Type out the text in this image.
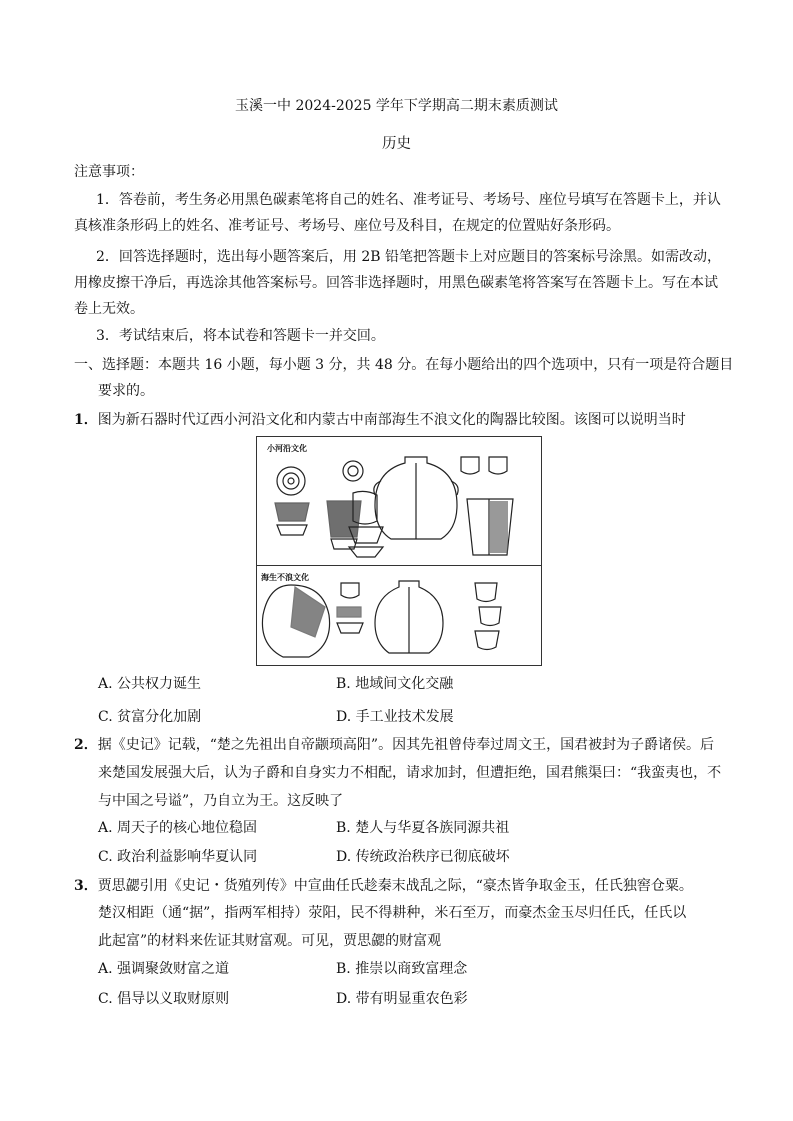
玉溪一中 2024-2025 学年下学期高二期末素质测试
历史
注意事项：
1．答卷前，考生务必用黑色碳素笔将自己的姓名、准考证号、考场号、座位号填写在答题卡上，并认
真核准条形码上的姓名、准考证号、考场号、座位号及科目，在规定的位置贴好条形码。
2．回答选择题时，选出每小题答案后，用 2B 铅笔把答题卡上对应题目的答案标号涂黑。如需改动，
用橡皮擦干净后，再选涂其他答案标号。回答非选择题时，用黑色碳素笔将答案写在答题卡上。写在本试
卷上无效。
3．考试结束后，将本试卷和答题卡一并交回。
一、选择题：本题共 16 小题，每小题 3 分，共 48 分。在每小题给出的四个选项中，只有一项是符合题目
要求的。
1．图为新石器时代辽西小河沿文化和内蒙古中南部海生不浪文化的陶器比较图。该图可以说明当时
小河沿文化
海生不浪文化
A. 公共权力诞生	B. 地域间文化交融
C. 贫富分化加剧	D. 手工业技术发展
2．据《史记》记载，“楚之先祖出自帝颛顼高阳”。因其先祖曾侍奉过周文王，国君被封为子爵诸侯。后
来楚国发展强大后，认为子爵和自身实力不相配，请求加封，但遭拒绝，国君熊渠曰：“我蛮夷也，不
与中国之号谥”，乃自立为王。这反映了
A. 周天子的核心地位稳固	B. 楚人与华夏各族同源共祖
C. 政治利益影响华夏认同	D. 传统政治秩序已彻底破坏
3．贾思勰引用《史记・货殖列传》中宣曲任氏趁秦末战乱之际，“豪杰皆争取金玉，任氏独窖仓粟。
楚汉相距（通“据”，指两军相持）荥阳，民不得耕种，米石至万，而豪杰金玉尽归任氏，任氏以
此起富”的材料来佐证其财富观。可见，贾思勰的财富观
A. 强调聚敛财富之道	B. 推崇以商致富理念
C. 倡导以义取财原则	D. 带有明显重农色彩
